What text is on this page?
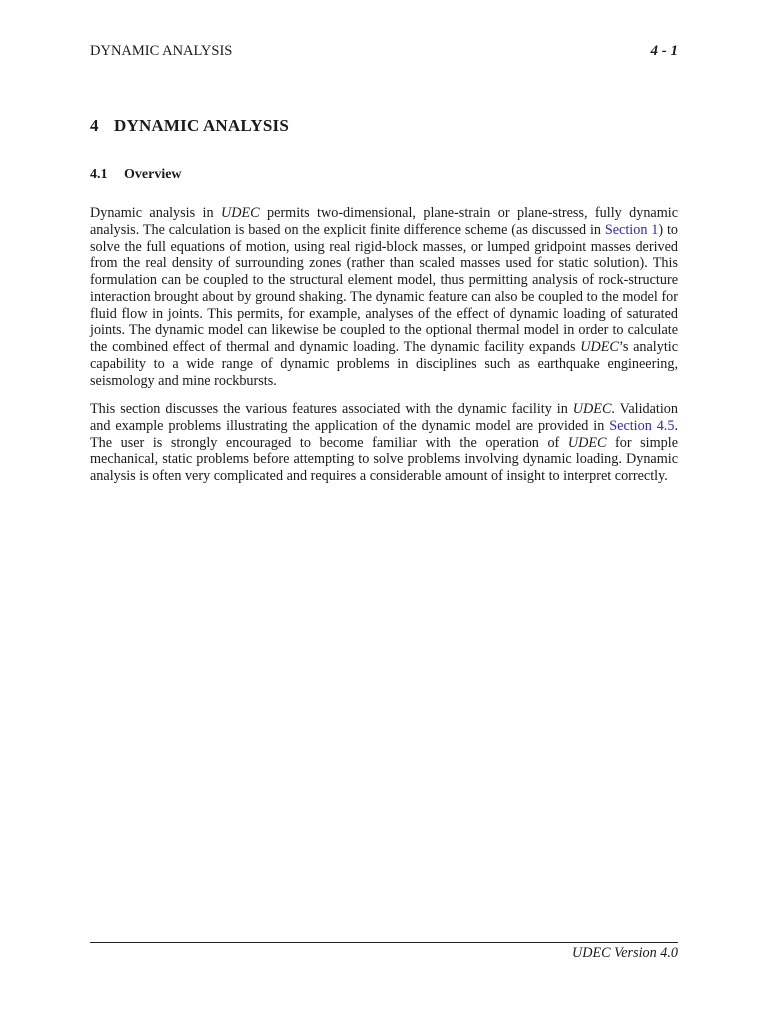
DYNAMIC ANALYSIS	4 - 1
4 DYNAMIC ANALYSIS
4.1 Overview

Dynamic analysis in UDEC permits two-dimensional, plane-strain or plane-stress, fully dynamic analysis. The calculation is based on the explicit finite difference scheme (as discussed in Section 1) to solve the full equations of motion, using real rigid-block masses, or lumped gridpoint masses derived from the real density of surrounding zones (rather than scaled masses used for static solution). This formulation can be coupled to the structural element model, thus permitting analysis of rock-structure interaction brought about by ground shaking. The dynamic feature can also be coupled to the model for fluid flow in joints. This permits, for example, analyses of the effect of dynamic loading of saturated joints. The dynamic model can likewise be coupled to the optional thermal model in order to calculate the combined effect of thermal and dynamic loading. The dynamic facility expands UDEC’s analytic capability to a wide range of dynamic problems in disciplines such as earthquake engineering, seismology and mine rockbursts.

This section discusses the various features associated with the dynamic facility in UDEC. Validation and example problems illustrating the application of the dynamic model are provided in Section 4.5. The user is strongly encouraged to become familiar with the operation of UDEC for simple mechanical, static problems before attempting to solve problems involving dynamic loading. Dynamic analysis is often very complicated and requires a considerable amount of insight to interpret correctly.

UDEC Version 4.0
